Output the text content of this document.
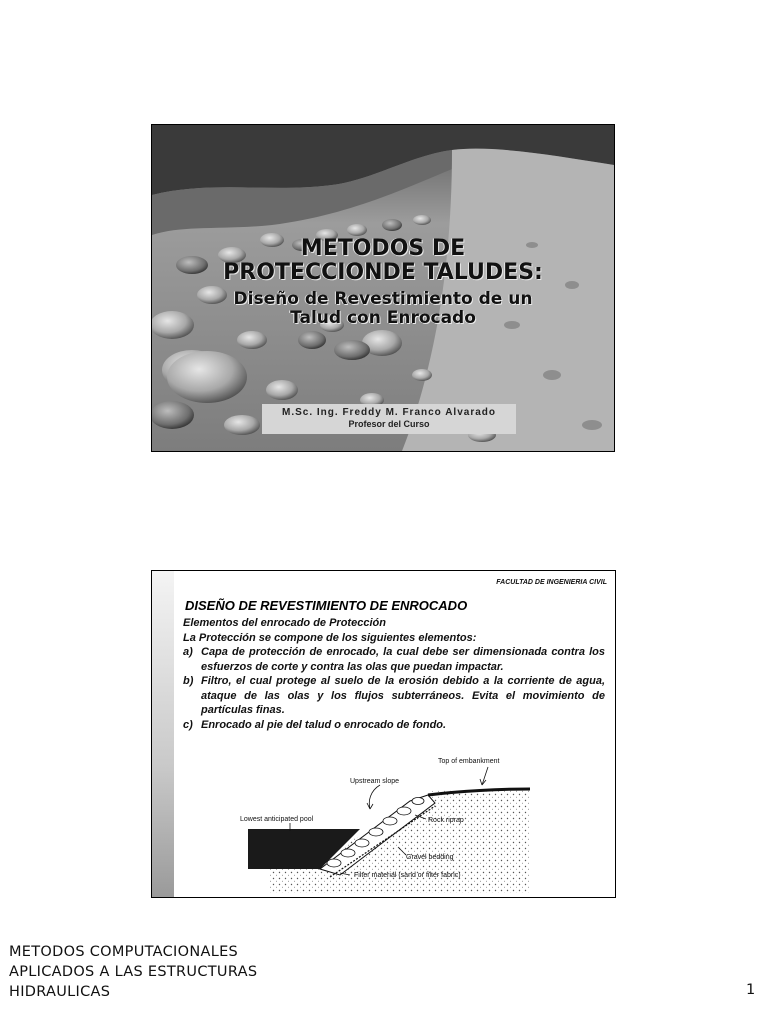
METODOS DE
PROTECCIONDE TALUDES:
Diseño de Revestimiento de un
Talud con Enrocado
M.Sc. Ing. Freddy M. Franco Alvarado
Profesor del Curso
FACULTAD DE INGENIERIA CIVIL
DISEÑO DE REVESTIMIENTO DE ENROCADO

Elementos del enrocado de Protección

La Protección se compone de los siguientes elementos:

a) Capa de protección de enrocado, la cual debe ser dimensionada contra los esfuerzos de corte y contra las olas que puedan impactar.
b) Filtro, el cual protege al suelo de la erosión debido a la corriente de agua, ataque de las olas y los flujos subterráneos. Evita el movimiento de partículas finas.
c) Enrocado al pie del talud o enrocado de fondo.
Top of embankment
Upstream slope
Lowest anticipated pool	Rock riprap
Gravel bedding
Filter material (sand or filter fabric)
METODOS COMPUTACIONALES
APLICADOS A LAS ESTRUCTURAS
HIDRAULICAS	1
